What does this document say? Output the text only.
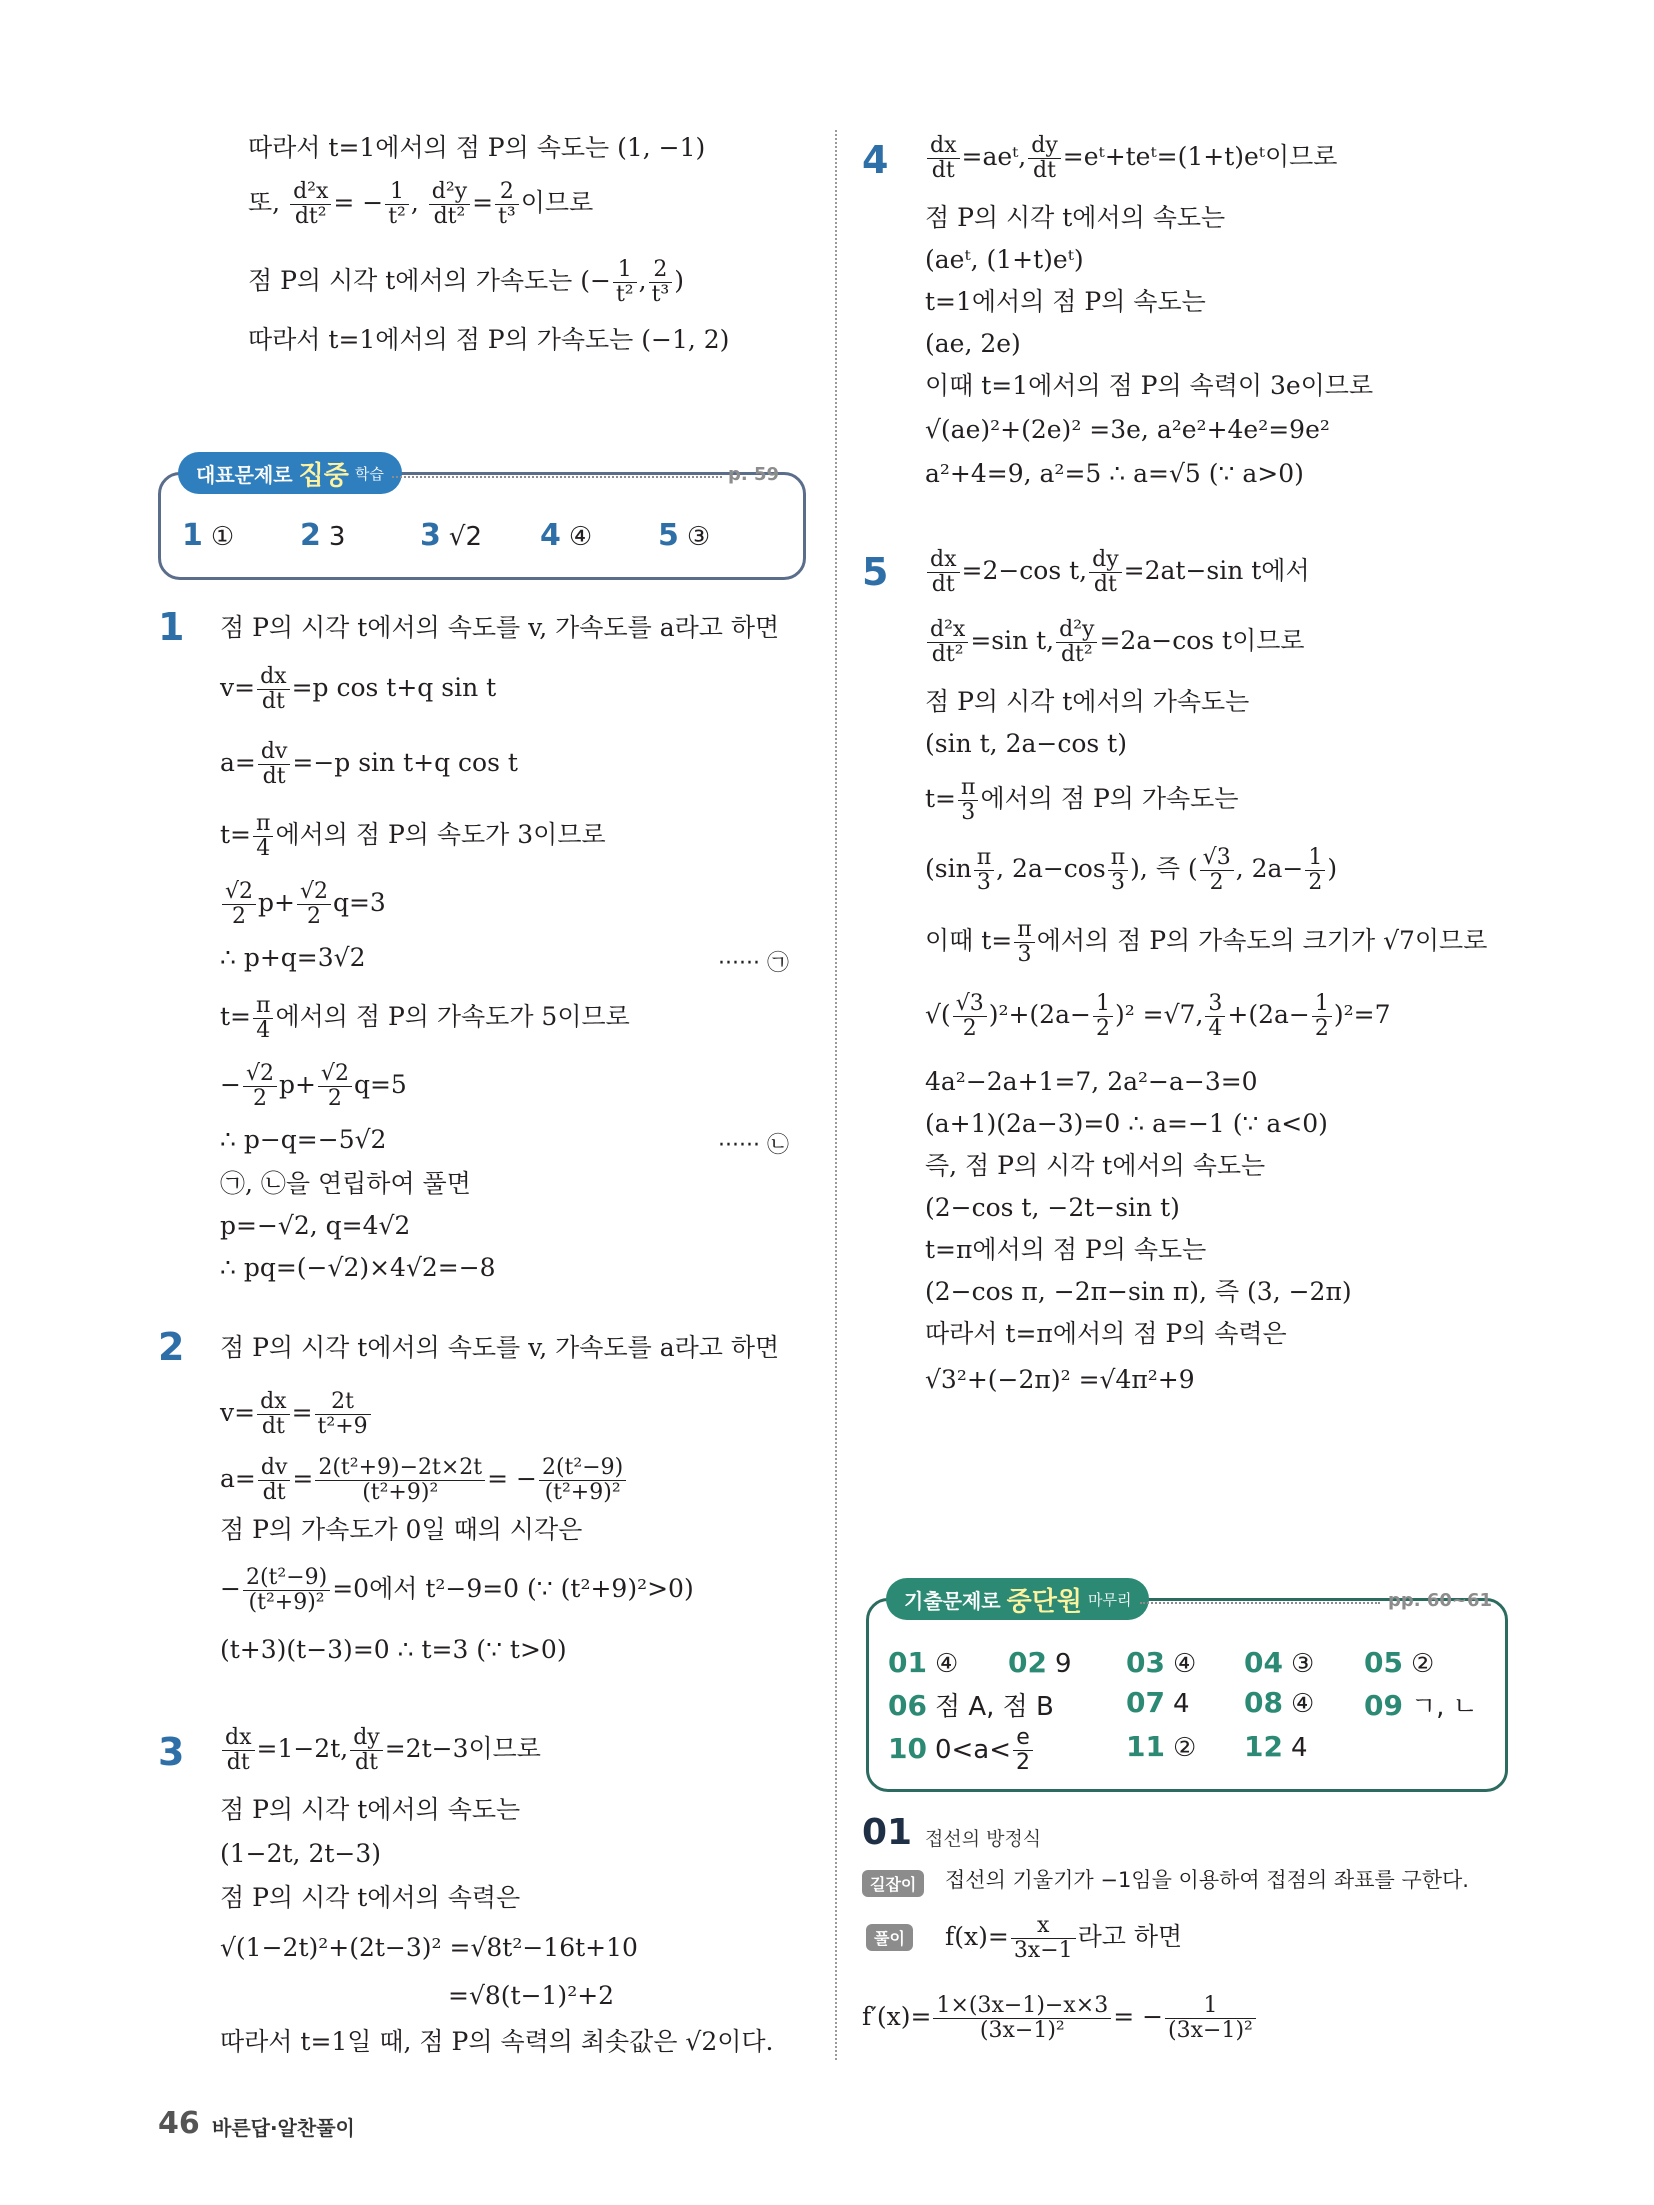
따라서 t=1에서의 점 P의 속도는 (1, −1)
또, $\frac{\text{d²x}}{\text{dt²}}$ = − $\frac{1}{\text{t²}}$ , $\frac{\text{d²y}}{\text{dt²}} = \frac{2}{\text{t³}}$ 이므로
점 P의 시각 t에서의 가속도는 (− $\frac{1}{\text{t²}}$ , $\frac{2}{\text{t³}}$ )
따라서 t=1에서의 점 P의 가속도는 (−1, 2)
대표문제로 집중 학습	p. 59
1 ① 2 3 3 √2 4 ④ 5 ③
1 점 P의 시각 t에서의 속도를 v, 가속도를 a라고 하면
$v= \frac{dx}{dt} =p$ cos t+q sin t
$a= \frac{dv}{dt} =-p$ sin t+q cos t
$t= \frac{\pi}{4}$ 에서의 점 P의 속도가 3이므로
$\frac{√2}{2} p+ \frac{√2}{2} q=3$
∴ p+q=3√2	······ ㉠
$t= \frac{\pi}{4}$ 에서의 점 P의 가속도가 5이므로
− $\frac{√2}{2} p+ \frac{√2}{2} q=5$
∴ p−q=−5√2	······ ㉡
㉠, ㉡을 연립하여 풀면
p=−√2, q=4√2
∴ pq=(−√2)×4√2=−8
2 점 P의 시각 t에서의 속도를 v, 가속도를 a라고 하면
$v= \frac{dx}{dt} = \frac{2t}{\text{t²+9}}$
$a= \frac{dv}{dt} = \frac{\text{2(t²+9)−2t×2t}}{\text{(t²+9)²}}$ = − $\frac{\text{2(t²−9)}}{\text{(t²+9)²}}$
점 P의 가속도가 0일 때의 시각은
− $\frac{\text{2(t²−9)}}{\text{(t²+9)²}} =0$에서 t²−9=0 (∵ (t²+9)²>0)
(t+3)(t−3)=0 ∴ t=3 (∵ t>0)
$3 \frac{dx}{dt} =1-2t$, $\frac{dy}{dt} =2t-3$이므로
점 P의 시각 t에서의 속도는
(1−2t, 2t−3)
점 P의 시각 t에서의 속력은
√(1−2t)²+(2t−3)² =√8t²−16t+10
=√8(t−1)²+2
따라서 t=1일 때, 점 P의 속력의 최솟값은 √2이다.
$4 \frac{dx}{dt}$ =aeᵗ, $\frac{dy}{dt}$ =eᵗ+teᵗ=(1+t)eᵗ이므로
점 P의 시각 t에서의 속도는
(aeᵗ, (1+t)eᵗ)
t=1에서의 점 P의 속도는
(ae, 2e)
이때 t=1에서의 점 P의 속력이 3e이므로
√(ae)²+(2e)² =3e, a²e²+4e²=9e²
a²+4=9, a²=5 ∴ a=√5 (∵ a>0)
$5 \frac{dx}{dt} =2-\cos$ t, $\frac{dy}{dt} =2at-\sin$ t에서
$\frac{\text{d²x}}{\text{dt²}} =\sin$ t, $\frac{\text{d²y}}{\text{dt²}} =2a-\cos$ t이므로
점 P의 시각 t에서의 가속도는
(sin t, 2a−cos t)
$t= \frac{\pi}{3}$ 에서의 점 P의 가속도는
($\sin \frac{\pi}{3}$ , $2a-\cos \frac{\pi}{3}$ ), 즉 ( $\frac{√3}{2}$ , $2a- \frac{1}{2}$ )
이때 $t= \frac{\pi}{3}$ 에서의 점 P의 가속도의 크기가 √7이므로
√( $\frac{√3}{2} )^2+(2a- \frac{1}{2} )^2 =√7$, $\frac{3}{4} +(2a- \frac{1}{2} )^2=7$
4a²−2a+1=7, 2a²−a−3=0
(a+1)(2a−3)=0 ∴ a=−1 (∵ a<0)
즉, 점 P의 시각 t에서의 속도는
(2−cos t, −2t−sin t)
t=π에서의 점 P의 속도는
(2−cos π, −2π−sin π), 즉 (3, −2π)
따라서 t=π에서의 점 P의 속력은
√3²+(−2π)² =√4π²+9
기출문제로 중단원 마무리	pp. 60~61
01 ④ 02 9 03 ④ 04 ③ 05 ②
06 점 A, 점 B	07 4 08 ④ 09 ㄱ, ㄴ
10 $0<a< \frac{e}{2}$	11 ② 12 4
01 접선의 방정식
길잡이	접선의 기울기가 −1임을 이용하여 접점의 좌표를 구한다.
풀이	$f(x)= \frac{x}{3x-1}$ 라고 하면
$f'(x)= \frac{1\times(3x-1)-x\times 3}{\text{(3x−1)²}}$ = − $\frac{1}{\text{(3x−1)²}}$
46 바른답·알찬풀이
